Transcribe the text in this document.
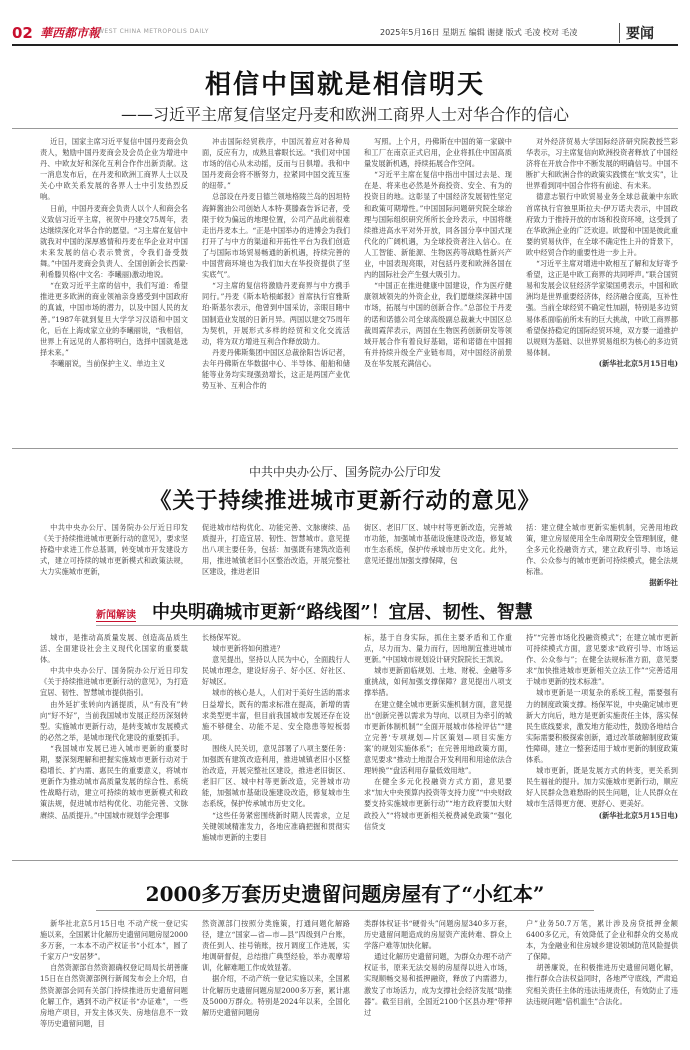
02 華西都市報
WEST CHINA METROPOLIS DAILY	2025年5月16日 星期五 编辑 谢捷 版式 毛凌 校对 毛凌	要闻
相信中国就是相信明天
——习近平主席复信坚定丹麦和欧洲工商界人士对华合作的信心

近日，国家主席习近平复信中国丹麦商会负责人，勉励中国丹麦商会及会员企业为增进中丹、中欧友好和深化互利合作作出新贡献。这一消息发布后，在丹麦和欧洲工商界人士以及关心中欧关系发展的各界人士中引发热烈反响。

日前，中国丹麦商会负责人以个人和商会名义致信习近平主席，祝贺中丹建交75周年，表达继续深化对华合作的愿望。“习主席在复信中就我对中国的深厚感情和丹麦在华企业对中国未来发展的信心表示赞赏，令我们备受鼓舞。”中国丹麦商会负责人、全国创新会长西蒙·利希滕贝格(中文名：李曦丽)激动地说。

“在致习近平主席的信中，我们写道：希望推进更多欧洲的商业领袖亲身感受到中国政府的真诚，中国市场的潜力，以及中国人民的友善。”1987年就到复旦大学学习汉语和中国文化，后在上海成家立业的李曦丽说，“我相信，世界上有远见的人都将明白，选择中国就是选择未来。”

李曦丽说，当前保护主义、单边主义

冲击国际经贸秩序，中国沉着应对各种局面，反应有力，成熟且睿眼长远。“我们对中国市场的信心从未动摇，反而与日俱增。我和中国丹麦商会将不断努力，拉紧同中国交流互鉴的纽带。”

总部设在丹麦日德兰领地格陵兰岛的因坦特海鲜酱油公司创始人本特·莫滕森告诉记者，受限于较为偏远的地理位置，公司产品此前很难走出丹麦本土。“正是中国举办的进博会为我们打开了与中方的渠道和开拓性平台为我们创造了与国际市场贸易畅通的新机遇，持续完善的中国营商环境也为我们加大在华投资提供了坚实底气”。

“习主席的复信将激励丹麦商界与中方携手同行。”丹麦《斯本哈根邮报》首席执行官雅斯珀·斯基尔表示，他曾到中国采访，亲眼目睹中国制造业发展的日新月异。两国以建交75周年为契机，开展形式多样的经贸和文化交流活动，将为双方增进互利合作释放助力。

丹麦丹佛斯集团中国区总裁徐阳告诉记者，去年丹佛斯在华数据中心、半导体、船舶和储能等业务均实现强劲增长，这正是两国产业优势互补、互利合作的

写照。上个月，丹佛斯在中国的第一家碳中和工厂在南京正式启用，企业将抓住中国高质量发展新机遇，持续拓展合作空间。

“习近平主席在复信中指出中国过去是、现在是、将来也必然是外商投资、安全、有为的投资目的地。这彰显了中国经济发展韧性坚定和政策可期增性。”中国国际问题研究院全球治理与国际组织研究所所长金玲表示，中国将继续推进高水平对外开放，同各国分享中国式现代化的广阔机遇，为全球投资者注入信心。在人工智能、新能源、生物医药等战略性新兴产业，中国表现亮眼，对包括丹麦和欧洲各国在内的国际社会产生强大吸引力。

“中国正在推进健康中国建设，作为医疗健康领域领先的外资企业，我们愿继续深耕中国市场，拓展与中国的创新合作。”总部位于丹麦的诺和诺德公司全球高级副总裁兼大中国区总裁周霞萍表示，两国在生物医药创新研发等领域开展合作有着良好基础，诺和诺德在中国拥有并持续升级全产业链布局，对中国经济前景及在华发展充满信心。

对外经济贸易大学国际经济研究院教授竺彩华表示，习主席复信向欧洲投资者释放了中国经济将在开放合作中不断发展的明确信号。中国不断扩大和欧洲合作的政策实践惯在“软支实”，让世界看到同中国合作将有前途、有未来。

德意志银行中欧贸易业务全球总裁兼中东欧首席执行官独里斯拉夫·伊万诺夫表示，中国政府致力于推持开放的市场和投资环境，这受到了在华欧洲企业的广泛欢迎。欧盟和中国是彼此重要的贸易伙伴，在全球不确定性上升的背景下，欧中经贸合作的重要性进一步上升。

“习近平主席对增进中欧相互了解和友好寄予希望，这正是中欧工商界的共同呼声。”联合国贸易和发展会议驻经济学家梁国勇表示，中国和欧洲均是世界重要经济体，经济融合度高，互补性强。当前全球经贸不确定性加剧，特别是多边贸易体系面临前所未有的巨大挑战，中欧工商界都希望保持稳定的国际经贸环境，双方要一道推护以规则为基础、以世界贸易组织为核心的多边贸易体制。

(新华社北京5月15日电)
中共中央办公厅、国务院办公厅印发
《关于持续推进城市更新行动的意见》

中共中央办公厅、国务院办公厅近日印发《关于持续推进城市更新行动的意见》，要求坚持稳中求进工作总基调，转变城市开发建设方式，建立可持续的城市更新模式和政策法规，大力实施城市更新，

促进城市结构优化、功能完善、文脉赓续、品质提升，打造宜居、韧性、智慧城市。意见提出八项主要任务，包括：加强既有建筑改造利用，推进城镇老旧小区整治改造，开展完整社区建设，推进老旧

街区、老旧厂区、城中村等更新改造，完善城市功能，加强城市基础设施建设改造，修复城市生态系统，保护传承城市历史文化。此外，意见还提出加强支撑保障，包

括：建立健全城市更新实施机制，完善用地政策，建立房屋使用全生命周期安全管理制度，健全多元化投融资方式，建立政府引导、市场运作、公众参与的城市更新可持续模式，健全法规标准。

据新华社
新闻解读 中央明确城市更新“路线图”！宜居、韧性、智慧

城市，是推动高质量发展、创造高品质生活、全面建设社会主义现代化国家的重要载体。

中共中央办公厅、国务院办公厅近日印发《关于持续推进城市更新行动的意见》，为打造宜居、韧性、智慧城市提供指引。

由外延扩张转向内涵提质，从“有没有”转向“好不好”，当前我国城市发展正经历深刻转型。实施城市更新行动，是转变城市发展模式的必然之举，是城市现代化建设的重要抓手。

“我国城市发展已进入城市更新的重要时期，要深刻理解和把握实施城市更新行动对于稳增长、扩内需、惠民生的重要意义，将城市更新作为推动城市高质量发展的综合性、系统性战略行动，建立可持续的城市更新模式和政策法规，促进城市结构优化、功能完善、文脉赓续、品质提升。”中国城市规划学会理事

长杨保军说。

城市更新将如何推进？

意见提出，坚持以人民为中心，全面践行人民城市理念，建设好房子、好小区、好社区、好城区。

城市的核心是人，人们对于美好生活的需求日益增长，既有的需求标准在提高，新增的需求类型更丰富，但目前我国城市发展还存在设施不够健全、功能不足、安全隐患等短板弱项。

围绕人民关切，意见部署了八项主要任务：加强既有建筑改造利用，推进城镇老旧小区整治改造，开展完整社区建设，推进老旧街区、老旧厂区、城中村等更新改造，完善城市功能，加强城市基础设施建设改造，修复城市生态系统，保护传承城市历史文化。

“这些任务紧密围绕新时期人民需求，立足关键领域精准发力，各地应准确把握和贯彻实施城市更新的主要目

标，基于自身实际，抓住主要矛盾和工作重点，尽力而为、量力而行，因地制宜推进城市更新。”中国城市规划设计研究院院长王凯说。

城市更新面临规划、土地、财税、金融等多重挑战，如何加强支撑保障？意见提出八项支撑举措。

在建立健全城市更新实施机制方面，意见提出“创新完善以需求为导向、以项目为牵引的城市更新体制机制”“全面开展城市体检评估”“建立完善‘专项规划—片区策划—项目实施方案’的规划实施体系”；在完善用地政策方面，意见要求“推动土地混合开发利用和用途依法合理转换”“盘活利用存量低效用地”。

在健全多元化投融资方式方面，意见要求“加大中央预算内投资等支持力度”“中央财政要支持实施城市更新行动”“地方政府要加大财政投入”“将城市更新相关税费减免政策”“强化信贷支

持”“完善市场化投融资模式”；在建立城市更新可持续模式方面，意见要求“政府引导、市场运作、公众参与”；在健全法规标准方面，意见要求“加快推进城市更新相关立法工作”“完善适用于城市更新的技术标准”。

城市更新是一项复杂的系统工程，需要强有力的制度政策支撑。杨保军说，中央确定城市更新大方向后，地方是更新实施责任主体，落实保民生底线要求，激发地方能动性，鼓励各地结合实际需要积极探索创新，通过改革破解制度政策性障碍，建立一整套适用于城市更新的制度政策体系。

城市更新，既是发展方式的转变，更关系到民生福祉的提升。加力实施城市更新行动，顺应好人民群众急难愁盼的民生问题，让人民群众在城市生活得更方便、更舒心、更美好。

(新华社北京5月15日电)
2000多万套历史遗留问题房屋有了“小红本”

新华社北京5月15日电 不动产统一登记实施以来，全国累计化解历史遗留问题房屋2000多万套，一本本不动产权证书“小红本”，圆了千家万户“安居梦”。

自然资源部自然资源确权登记局局长胡善廉15日在自然资源部例行新闻发布会上介绍，自然资源部会同有关部门持续推进历史遗留问题化解工作，遇到不动产权证书“办证难”，一些房地产项目，开发主体灭失、房地信息不一致等历史遗留问题，目

然资源部门按照分类施策，打通问题化解路径，建立“国家—省—市—县”四级到户台账，责任到人、挂号销账，按月调度工作进展，实地调研督促，总结推广典型经验，举办观摩培训，化解难题工作成效显著。

据介绍，不动产统一登记实施以来，全国累计化解历史遗留问题房屋2000多万套，累计惠及5000万群众。特别是2024年以来，全国化解历史遗留问题房

类群体权证书“硬骨头”问题房屋340多万套，历史遗留问题造成的房屋资产流转难、群众上学落户难等加快化解。

通过化解历史遗留问题，为群众办理不动产权证书，原来无法交易的房屋得以进入市场，实现顺畅交易和抵押融资，释放了内需潜力，激发了市场活力，成为支撑社会经济发展“助推器”。截至目前，全国近2100个区县办理“带押过

户”业务50.7万笔，累计涉及房贷抵押金额6400多亿元，有效降低了企业和群众的交易成本，为金融业和住房城乡建设领域防范风险提供了保障。

胡善廉说，在积极推进历史遗留问题化解，推行群众合法权益同时，各地严守底线，严肃追究相关责任主体的违法违规责任，有效防止了违法违规问题“倍机滥生”合法化。
